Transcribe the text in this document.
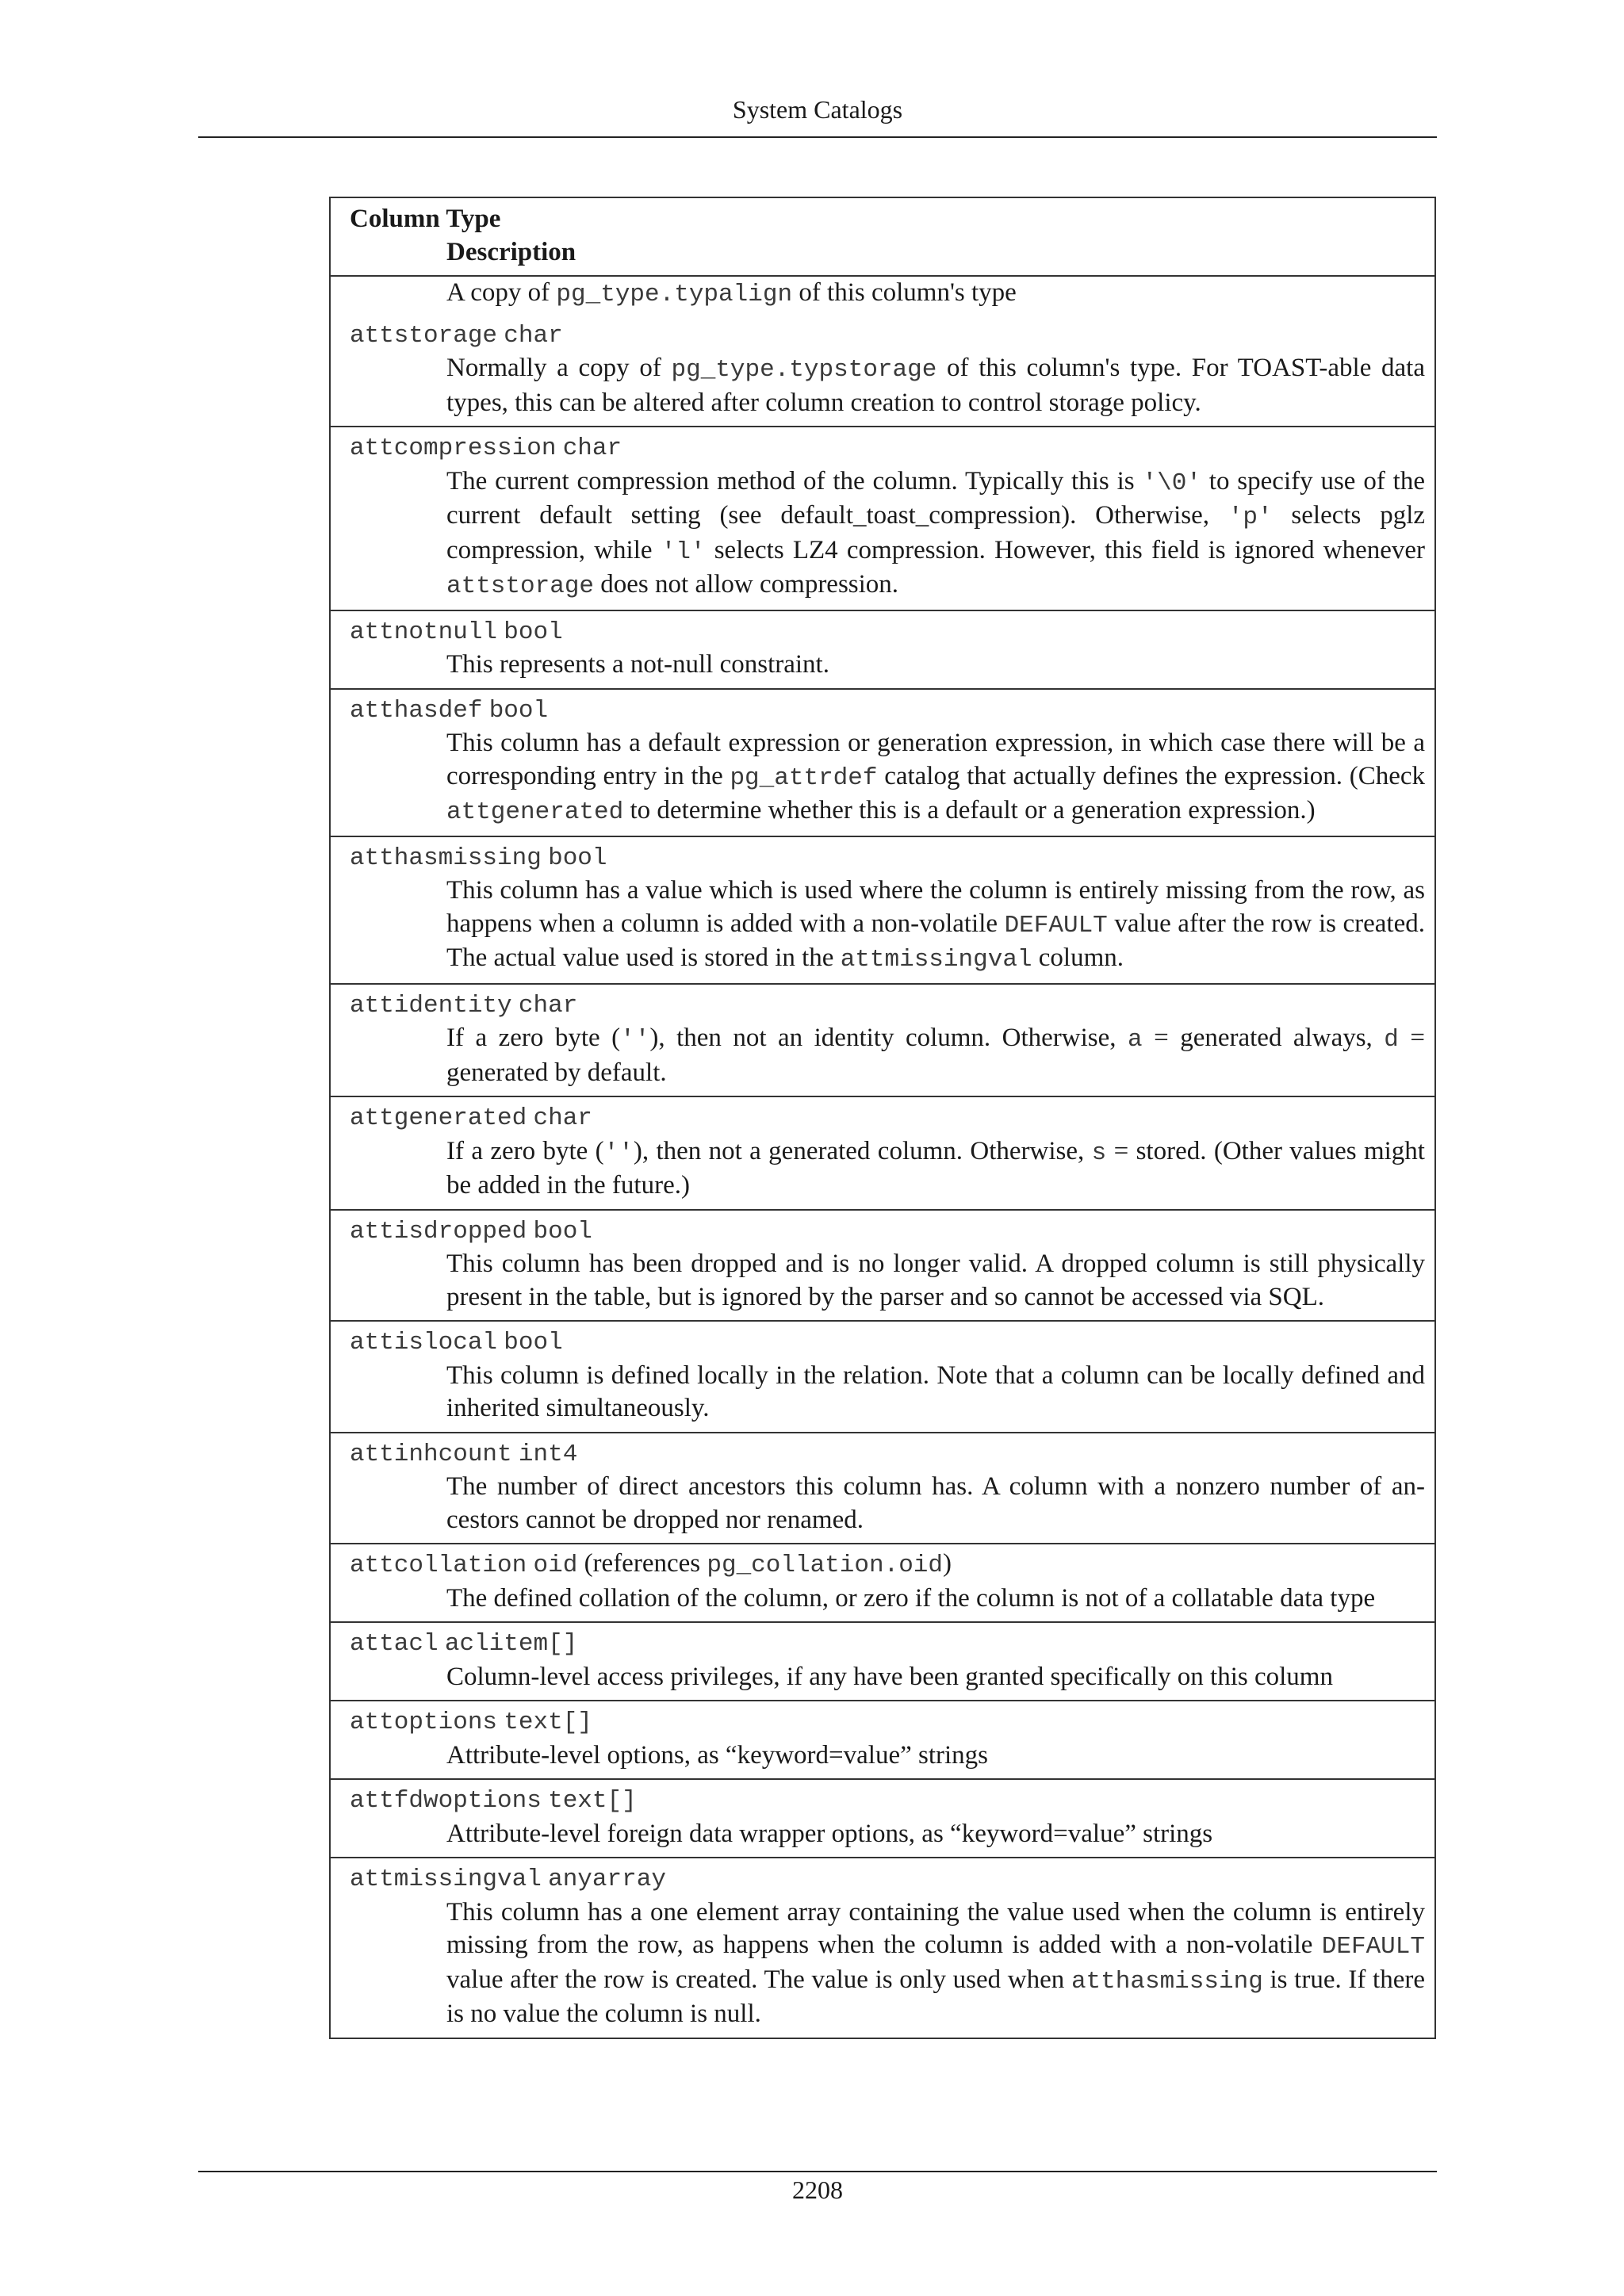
System Catalogs
Column Type
Description
A copy of pg_type.typalign of this column's type
attstorage char
Normally a copy of pg_type.typstorage of this column's type. For TOAST-able data types, this can be altered after column creation to control storage policy.
attcompression char
The current compression method of the column. Typically this is '\0' to specify use of the current default setting (see default_toast_compression). Otherwise, 'p' selects pglz compression, while 'l' selects LZ4 compression. However, this field is ignored whenever attstorage does not allow compression.
attnotnull bool
This represents a not-null constraint.
atthasdef bool
This column has a default expression or generation expression, in which case there will be a corresponding entry in the pg_attrdef catalog that actually defines the expression. (Check attgenerated to determine whether this is a default or a generation expression.)
atthasmissing bool
This column has a value which is used where the column is entirely missing from the row, as happens when a column is added with a non-volatile DEFAULT value after the row is created. The actual value used is stored in the attmissingval column.
attidentity char
If a zero byte (''), then not an identity column. Otherwise, a = generated always, d = generated by default.
attgenerated char
If a zero byte (''), then not a generated column. Otherwise, s = stored. (Other values might be added in the future.)
attisdropped bool
This column has been dropped and is no longer valid. A dropped column is still physically present in the table, but is ignored by the parser and so cannot be accessed via SQL.
attislocal bool
This column is defined locally in the relation. Note that a column can be locally defined and inherited simultaneously.
attinhcount int4
The number of direct ancestors this column has. A column with a nonzero number of ancestors cannot be dropped nor renamed.
attcollation oid (references pg_collation.oid)
The defined collation of the column, or zero if the column is not of a collatable data type
attacl aclitem[]
Column-level access privileges, if any have been granted specifically on this column
attoptions text[]
Attribute-level options, as “keyword=value” strings
attfdwoptions text[]
Attribute-level foreign data wrapper options, as “keyword=value” strings
attmissingval anyarray
This column has a one element array containing the value used when the column is entirely missing from the row, as happens when the column is added with a non-volatile DEFAULT value after the row is created. The value is only used when atthasmissing is true. If there is no value the column is null.
2208
